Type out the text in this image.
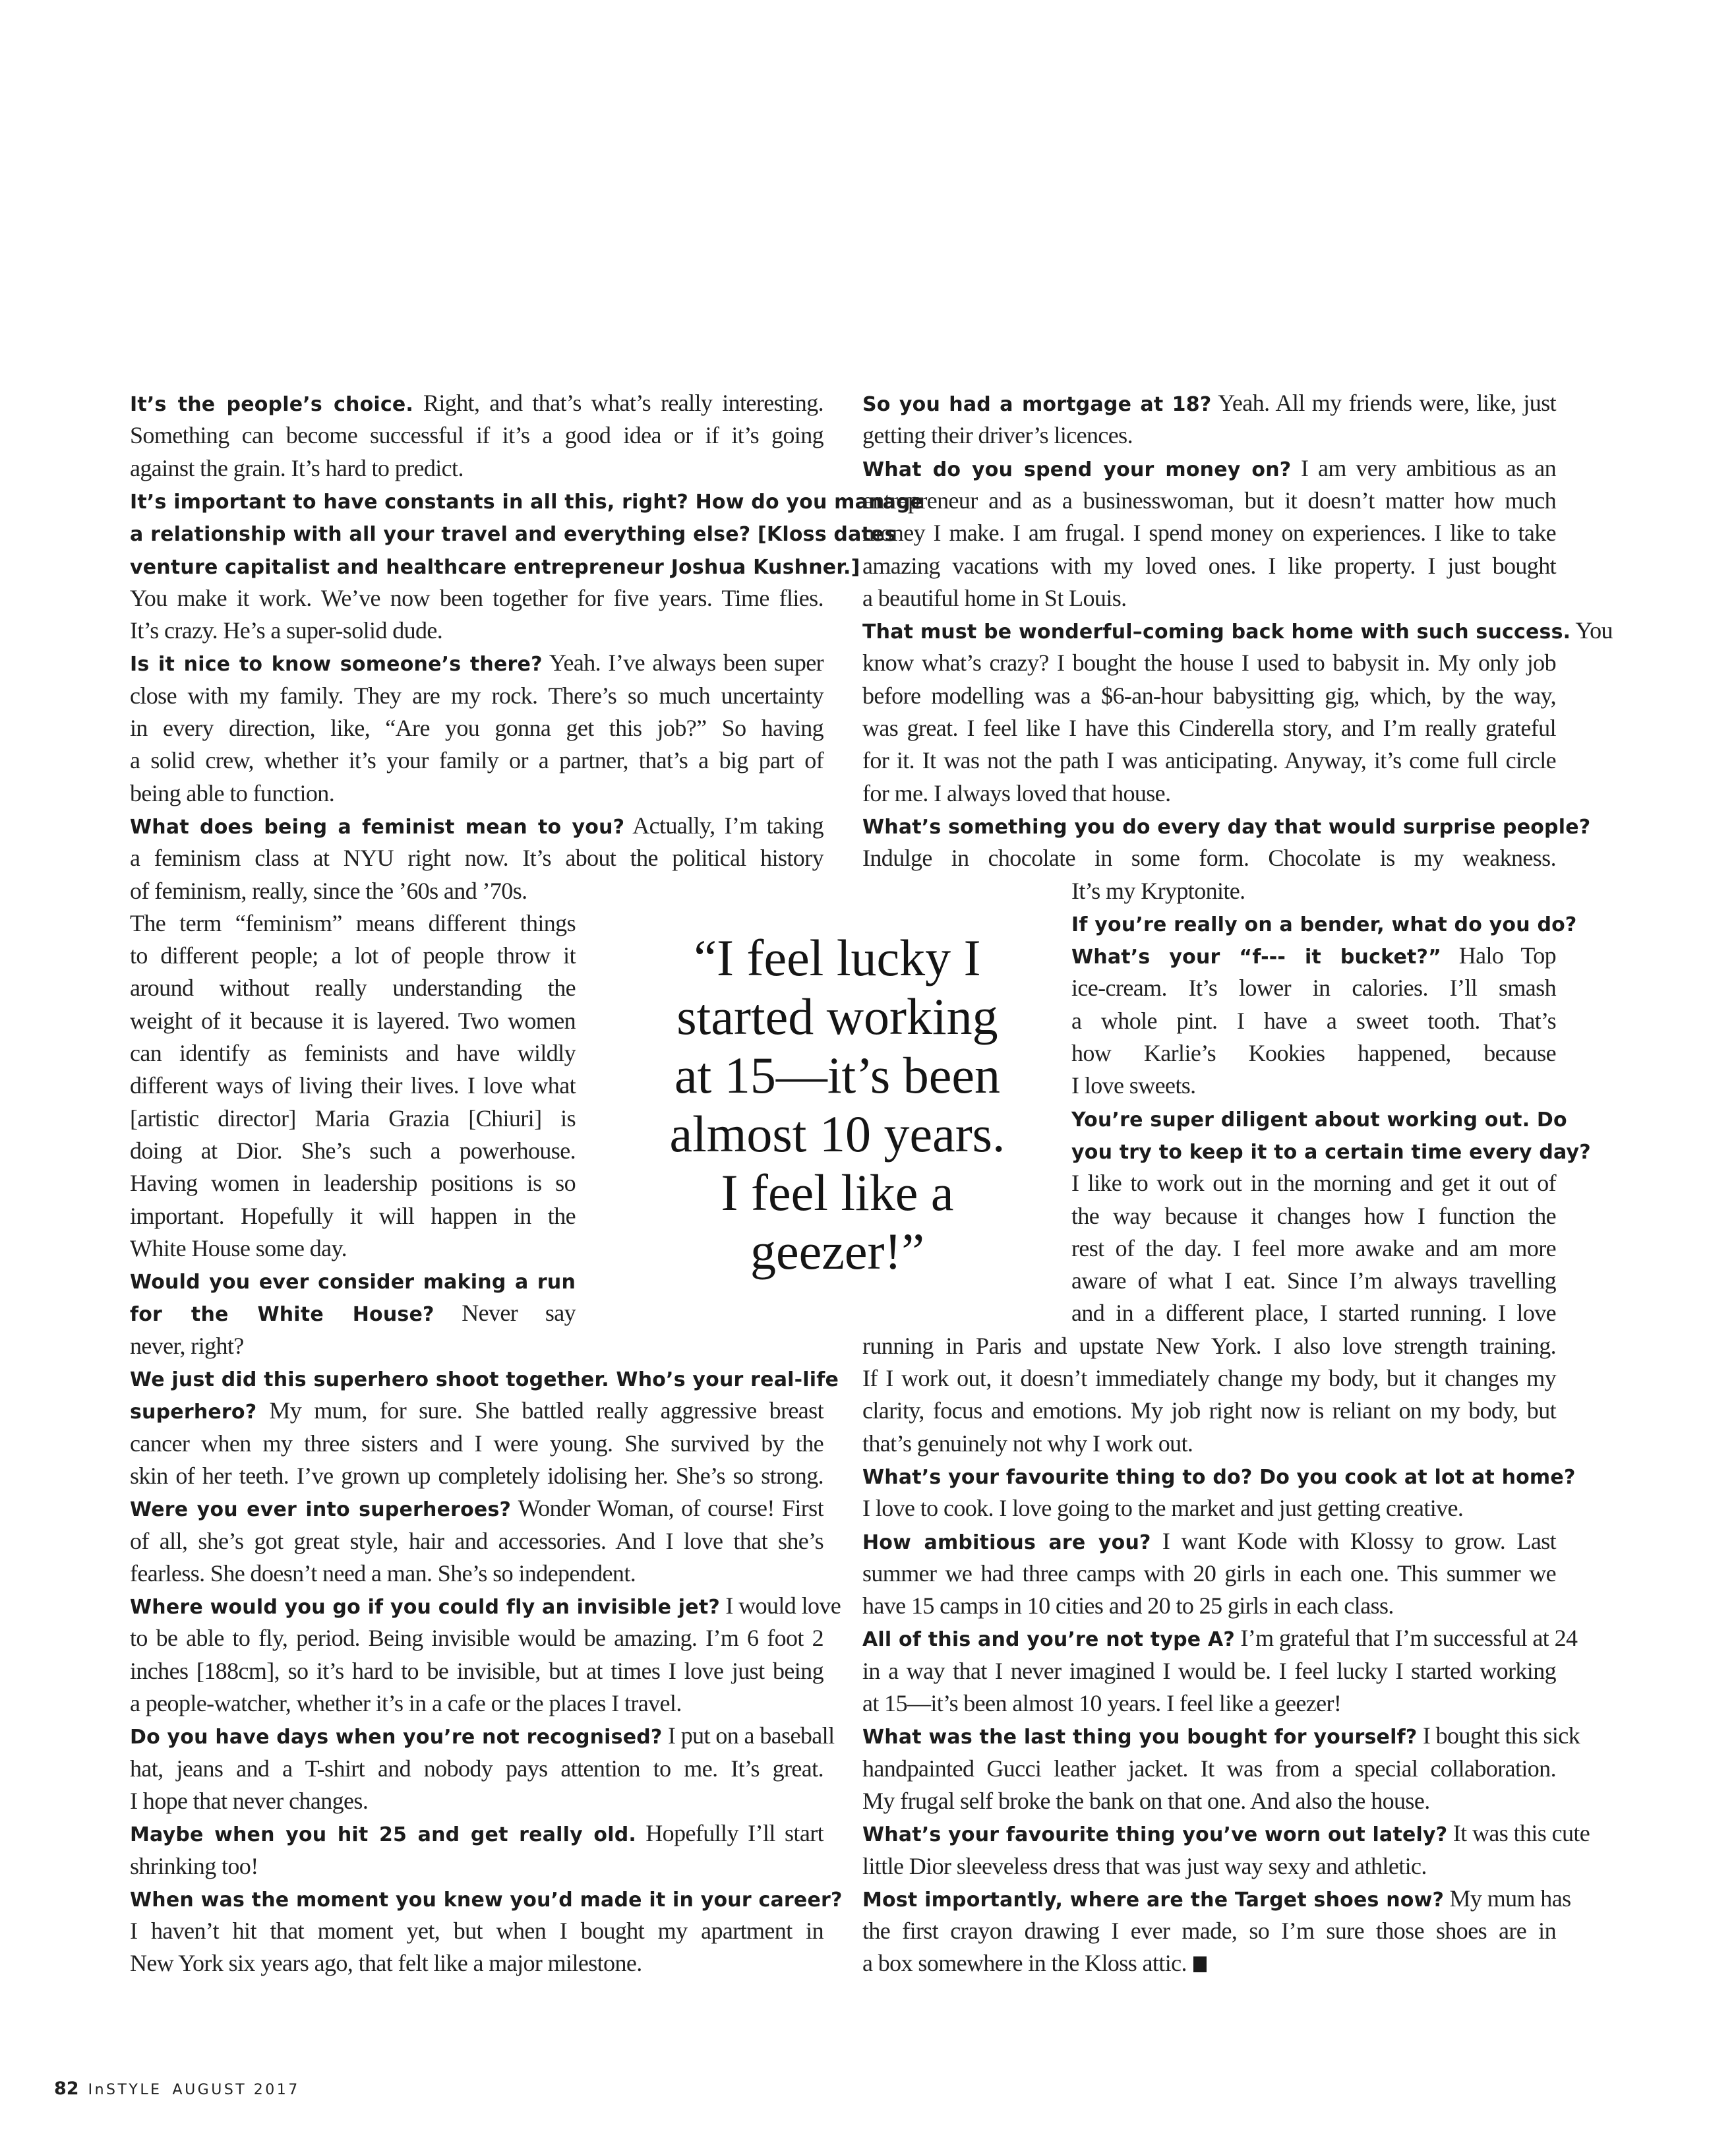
It’s the people’s choice. Right, and that’s what’s really interesting.
Something can become successful if it’s a good idea or if it’s going
against the grain. It’s hard to predict.
It’s important to have constants in all this, right? How do you manage
a relationship with all your travel and everything else? [Kloss dates
venture capitalist and healthcare entrepreneur Joshua Kushner.]
You make it work. We’ve now been together for five years. Time flies.
It’s crazy. He’s a super-solid dude.
Is it nice to know someone’s there? Yeah. I’ve always been super
close with my family. They are my rock. There’s so much uncertainty
in every direction, like, “Are you gonna get this job?” So having
a solid crew, whether it’s your family or a partner, that’s a big part of
being able to function.
What does being a feminist mean to you? Actually, I’m taking
a feminism class at NYU right now. It’s about the political history
of feminism, really, since the ’60s and ’70s.
The term “feminism” means different things
to different people; a lot of people throw it
around without really understanding the
weight of it because it is layered. Two women
can identify as feminists and have wildly
different ways of living their lives. I love what
[artistic director] Maria Grazia [Chiuri] is
doing at Dior. She’s such a powerhouse.
Having women in leadership positions is so
important. Hopefully it will happen in the
White House some day.
Would you ever consider making a run
for the White House? Never say
never, right?
We just did this superhero shoot together. Who’s your real-life
superhero? My mum, for sure. She battled really aggressive breast
cancer when my three sisters and I were young. She survived by the
skin of her teeth. I’ve grown up completely idolising her. She’s so strong.
Were you ever into superheroes? Wonder Woman, of course! First
of all, she’s got great style, hair and accessories. And I love that she’s
fearless. She doesn’t need a man. She’s so independent.
Where would you go if you could fly an invisible jet? I would love
to be able to fly, period. Being invisible would be amazing. I’m 6 foot 2
inches [188cm], so it’s hard to be invisible, but at times I love just being
a people-watcher, whether it’s in a cafe or the places I travel.
Do you have days when you’re not recognised? I put on a baseball
hat, jeans and a T-shirt and nobody pays attention to me. It’s great.
I hope that never changes.
Maybe when you hit 25 and get really old. Hopefully I’ll start
shrinking too!
When was the moment you knew you’d made it in your career?
I haven’t hit that moment yet, but when I bought my apartment in
New York six years ago, that felt like a major milestone.
So you had a mortgage at 18? Yeah. All my friends were, like, just
getting their driver’s licences.
What do you spend your money on? I am very ambitious as an
entrepreneur and as a businesswoman, but it doesn’t matter how much
money I make. I am frugal. I spend money on experiences. I like to take
amazing vacations with my loved ones. I like property. I just bought
a beautiful home in St Louis.
That must be wonderful–coming back home with such success. You
know what’s crazy? I bought the house I used to babysit in. My only job
before modelling was a $6-an-hour babysitting gig, which, by the way,
was great. I feel like I have this Cinderella story, and I’m really grateful
for it. It was not the path I was anticipating. Anyway, it’s come full circle
for me. I always loved that house.
What’s something you do every day that would surprise people?
Indulge in chocolate in some form. Chocolate is my weakness.
It’s my Kryptonite.
If you’re really on a bender, what do you do?
What’s your “f--- it bucket?” Halo Top
ice-cream. It’s lower in calories. I’ll smash
a whole pint. I have a sweet tooth. That’s
how Karlie’s Kookies happened, because
I love sweets.
You’re super diligent about working out. Do
you try to keep it to a certain time every day?
I like to work out in the morning and get it out of
the way because it changes how I function the
rest of the day. I feel more awake and am more
aware of what I eat. Since I’m always travelling
and in a different place, I started running. I love
running in Paris and upstate New York. I also love strength training.
If I work out, it doesn’t immediately change my body, but it changes my
clarity, focus and emotions. My job right now is reliant on my body, but
that’s genuinely not why I work out.
What’s your favourite thing to do? Do you cook at lot at home?
I love to cook. I love going to the market and just getting creative.
How ambitious are you? I want Kode with Klossy to grow. Last
summer we had three camps with 20 girls in each one. This summer we
have 15 camps in 10 cities and 20 to 25 girls in each class.
All of this and you’re not type A? I’m grateful that I’m successful at 24
in a way that I never imagined I would be. I feel lucky I started working
at 15—it’s been almost 10 years. I feel like a geezer!
What was the last thing you bought for yourself? I bought this sick
handpainted Gucci leather jacket. It was from a special collaboration.
My frugal self broke the bank on that one. And also the house.
What’s your favourite thing you’ve worn out lately? It was this cute
little Dior sleeveless dress that was just way sexy and athletic.
Most importantly, where are the Target shoes now? My mum has
the first crayon drawing I ever made, so I’m sure those shoes are in
a box somewhere in the Kloss attic.
“I feel lucky I
started working
at 15—it’s been
almost 10 years.
I feel like a
geezer!”
82 InSTYLE AUGUST 2017
